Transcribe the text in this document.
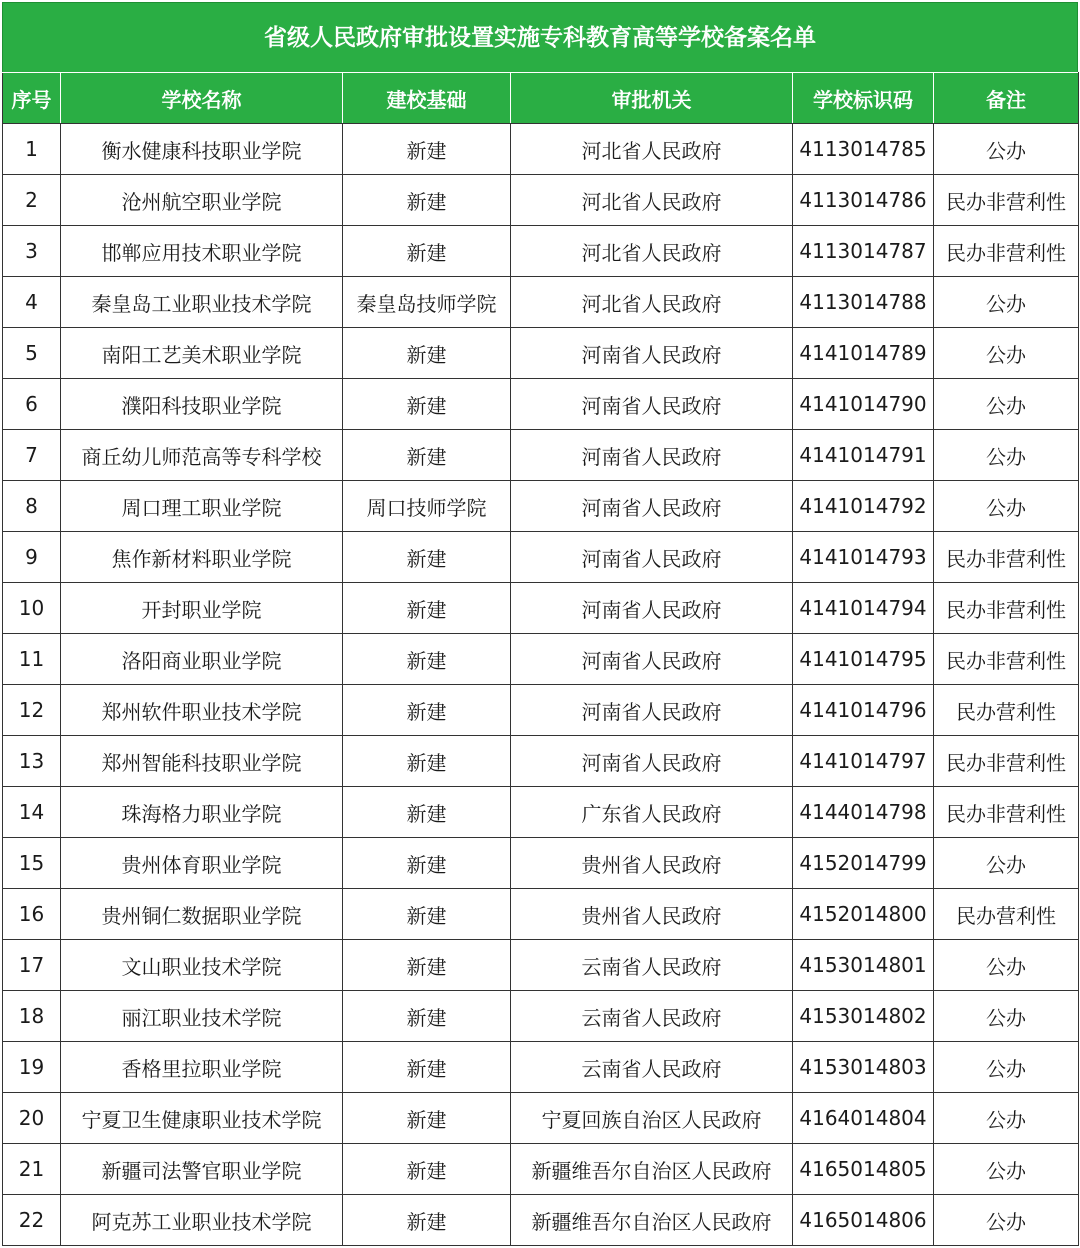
省级人民政府审批设置实施专科教育高等学校备案名单
序号	学校名称	建校基础	审批机关	学校标识码	备注
1	衡水健康科技职业学院	新建	河北省人民政府	4113014785	公办
2	沧州航空职业学院	新建	河北省人民政府	4113014786	民办非营利性
3	邯郸应用技术职业学院	新建	河北省人民政府	4113014787	民办非营利性
4	秦皇岛工业职业技术学院	秦皇岛技师学院	河北省人民政府	4113014788	公办
5	南阳工艺美术职业学院	新建	河南省人民政府	4141014789	公办
6	濮阳科技职业学院	新建	河南省人民政府	4141014790	公办
7	商丘幼儿师范高等专科学校	新建	河南省人民政府	4141014791	公办
8	周口理工职业学院	周口技师学院	河南省人民政府	4141014792	公办
9	焦作新材料职业学院	新建	河南省人民政府	4141014793	民办非营利性
10	开封职业学院	新建	河南省人民政府	4141014794	民办非营利性
11	洛阳商业职业学院	新建	河南省人民政府	4141014795	民办非营利性
12	郑州软件职业技术学院	新建	河南省人民政府	4141014796	民办营利性
13	郑州智能科技职业学院	新建	河南省人民政府	4141014797	民办非营利性
14	珠海格力职业学院	新建	广东省人民政府	4144014798	民办非营利性
15	贵州体育职业学院	新建	贵州省人民政府	4152014799	公办
16	贵州铜仁数据职业学院	新建	贵州省人民政府	4152014800	民办营利性
17	文山职业技术学院	新建	云南省人民政府	4153014801	公办
18	丽江职业技术学院	新建	云南省人民政府	4153014802	公办
19	香格里拉职业学院	新建	云南省人民政府	4153014803	公办
20	宁夏卫生健康职业技术学院	新建	宁夏回族自治区人民政府	4164014804	公办
21	新疆司法警官职业学院	新建	新疆维吾尔自治区人民政府	4165014805	公办
22	阿克苏工业职业技术学院	新建	新疆维吾尔自治区人民政府	4165014806	公办
